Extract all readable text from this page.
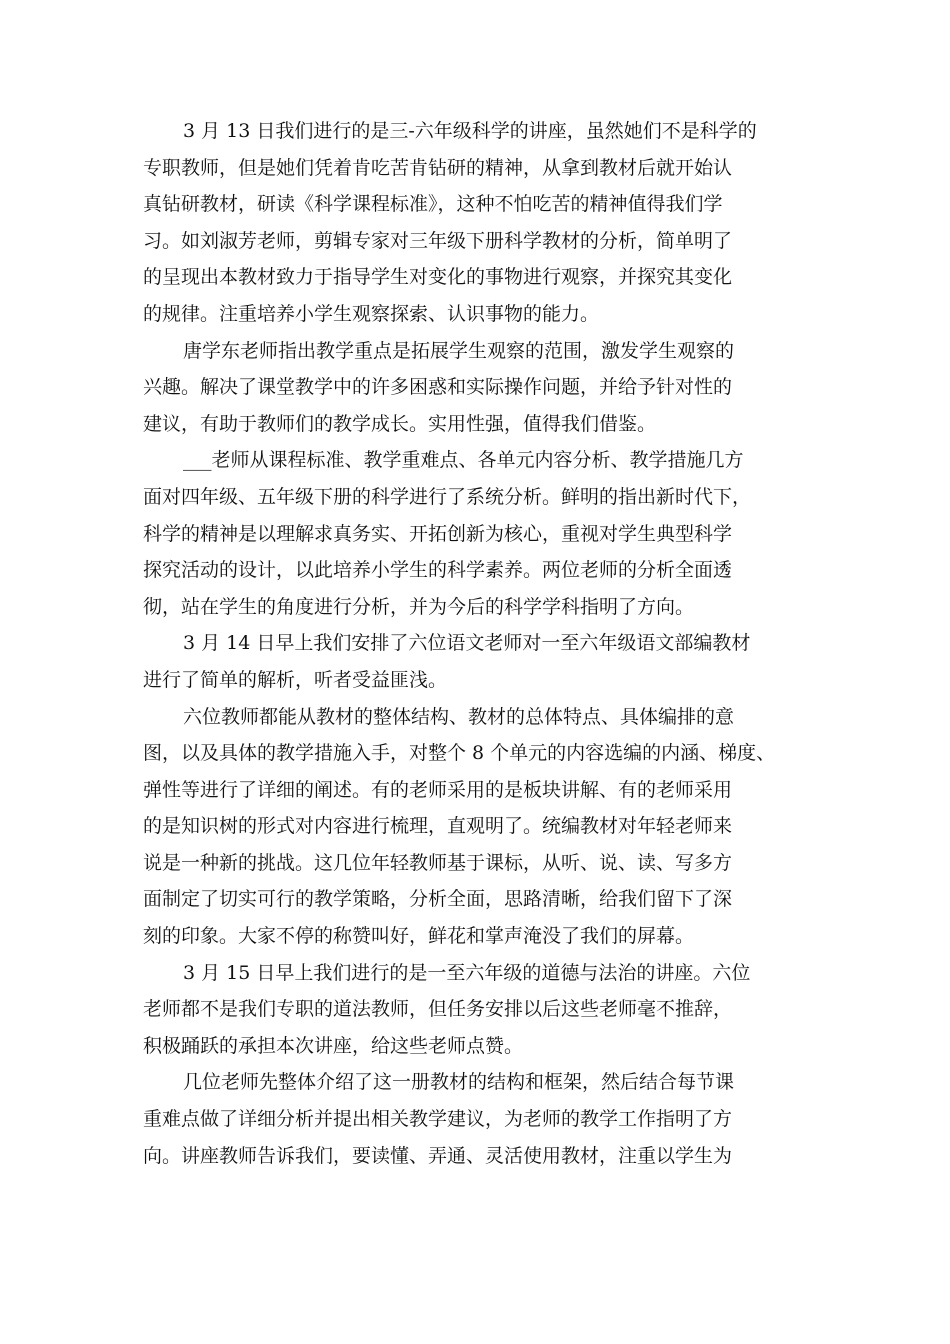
3 月 13 日我们进行的是三-六年级科学的讲座，虽然她们不是科学的
专职教师，但是她们凭着肯吃苦肯钻研的精神，从拿到教材后就开始认
真钻研教材，研读《科学课程标准》，这种不怕吃苦的精神值得我们学
习。如刘淑芳老师，剪辑专家对三年级下册科学教材的分析，简单明了
的呈现出本教材致力于指导学生对变化的事物进行观察，并探究其变化
的规律。注重培养小学生观察探索、认识事物的能力。
唐学东老师指出教学重点是拓展学生观察的范围，激发学生观察的
兴趣。解决了课堂教学中的许多困惑和实际操作问题，并给予针对性的
建议，有助于教师们的教学成长。实用性强，值得我们借鉴。
___老师从课程标准、教学重难点、各单元内容分析、教学措施几方
面对四年级、五年级下册的科学进行了系统分析。鲜明的指出新时代下，
科学的精神是以理解求真务实、开拓创新为核心，重视对学生典型科学
探究活动的设计，以此培养小学生的科学素养。两位老师的分析全面透
彻，站在学生的角度进行分析，并为今后的科学学科指明了方向。
3 月 14 日早上我们安排了六位语文老师对一至六年级语文部编教材
进行了简单的解析，听者受益匪浅。
六位教师都能从教材的整体结构、教材的总体特点、具体编排的意
图，以及具体的教学措施入手，对整个 8 个单元的内容选编的内涵、梯度、
弹性等进行了详细的阐述。有的老师采用的是板块讲解、有的老师采用
的是知识树的形式对内容进行梳理，直观明了。统编教材对年轻老师来
说是一种新的挑战。这几位年轻教师基于课标，从听、说、读、写多方
面制定了切实可行的教学策略，分析全面，思路清晰，给我们留下了深
刻的印象。大家不停的称赞叫好，鲜花和掌声淹没了我们的屏幕。
3 月 15 日早上我们进行的是一至六年级的道德与法治的讲座。六位
老师都不是我们专职的道法教师，但任务安排以后这些老师毫不推辞，
积极踊跃的承担本次讲座，给这些老师点赞。
几位老师先整体介绍了这一册教材的结构和框架，然后结合每节课
重难点做了详细分析并提出相关教学建议，为老师的教学工作指明了方
向。讲座教师告诉我们，要读懂、弄通、灵活使用教材，注重以学生为
